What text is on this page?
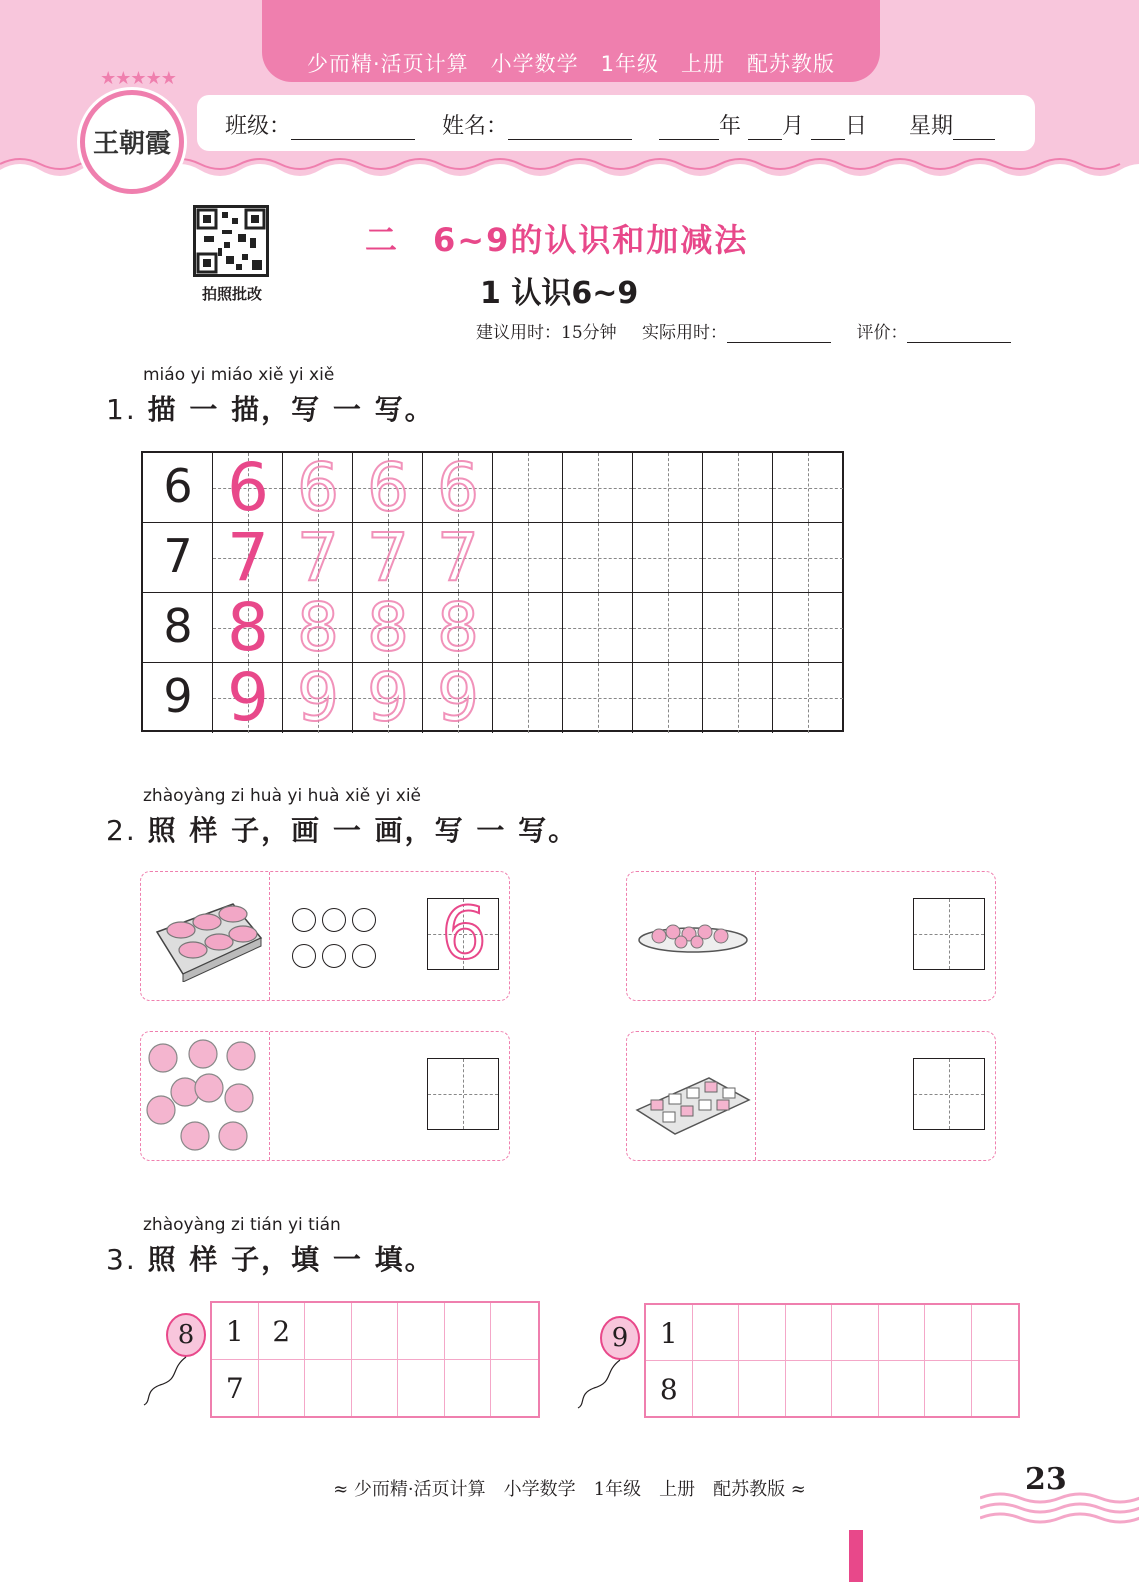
少而精·活页计算　小学数学　1年级　上册　配苏教版
★★★★★
王朝霞
班级：	姓名：	年 月 日 星期
拍照批改
二　6~9的认识和加减法
1 认识6~9
建议用时：15分钟 实际用时：	评价：
miáo yi miáo xiě yi xiě
1. 描 一 描，写 一 写。
6 6 6 6 6
7 7 7 7 7
8 8 8 8 8
9 9 9 9 9
zhàoyàng zi huà yi huà xiě yi xiě
2. 照 样 子，画 一 画，写 一 写。

6
zhàoyàng zi tián yi tián
3. 照 样 子，填 一 填。
8	1	2
7
9	1
8
≈ 少而精·活页计算　小学数学　1年级　上册　配苏教版 ≈	23
